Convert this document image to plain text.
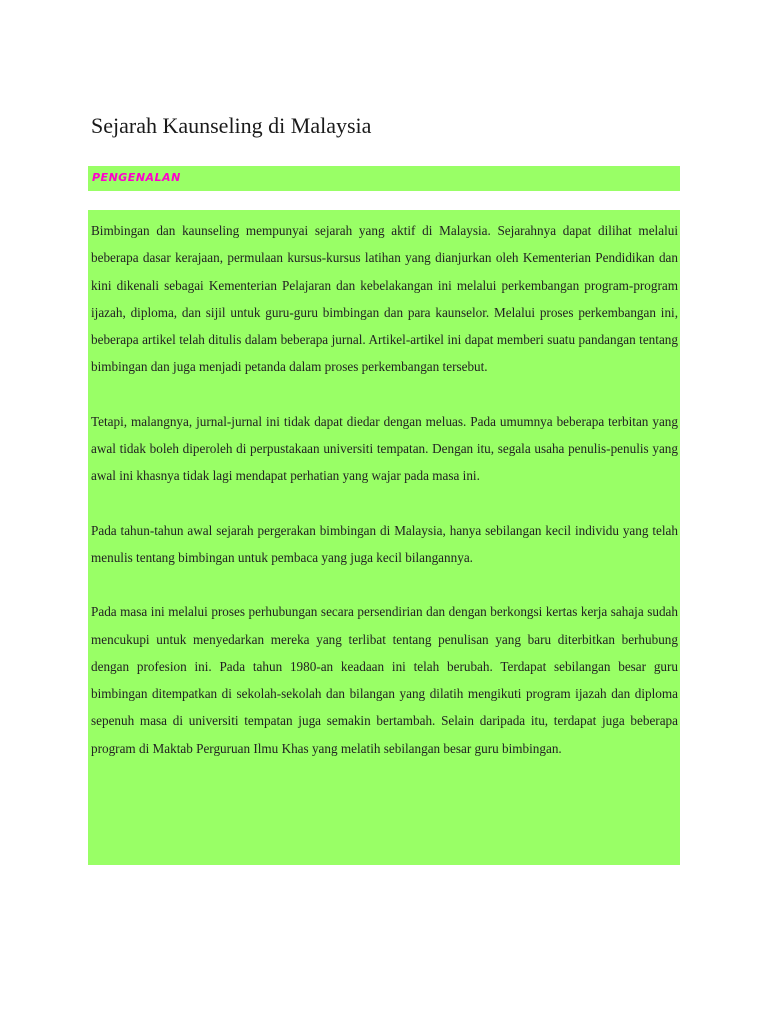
Sejarah Kaunseling di Malaysia
PENGENALAN

Bimbingan dan kaunseling mempunyai sejarah yang aktif di Malaysia. Sejarahnya dapat dilihat melalui beberapa dasar kerajaan, permulaan kursus-kursus latihan yang dianjurkan oleh Kementerian Pendidikan dan kini dikenali sebagai Kementerian Pelajaran dan kebelakangan ini melalui perkembangan program-program ijazah, diploma, dan sijil untuk guru-guru bimbingan dan para kaunselor. Melalui proses perkembangan ini, beberapa artikel telah ditulis dalam beberapa jurnal. Artikel-artikel ini dapat memberi suatu pandangan tentang bimbingan dan juga menjadi petanda dalam proses perkembangan tersebut.

Tetapi, malangnya, jurnal-jurnal ini tidak dapat diedar dengan meluas. Pada umumnya beberapa terbitan yang awal tidak boleh diperoleh di perpustakaan universiti tempatan. Dengan itu, segala usaha penulis-penulis yang awal ini khasnya tidak lagi mendapat perhatian yang wajar pada masa ini.

Pada tahun-tahun awal sejarah pergerakan bimbingan di Malaysia, hanya sebilangan kecil individu yang telah menulis tentang bimbingan untuk pembaca yang juga kecil bilangannya.

Pada masa ini melalui proses perhubungan secara persendirian dan dengan berkongsi kertas kerja sahaja sudah mencukupi untuk menyedarkan mereka yang terlibat tentang penulisan yang baru diterbitkan berhubung dengan profesion ini. Pada tahun 1980-an keadaan ini telah berubah. Terdapat sebilangan besar guru bimbingan ditempatkan di sekolah-sekolah dan bilangan yang dilatih mengikuti program ijazah dan diploma sepenuh masa di universiti tempatan juga semakin bertambah. Selain daripada itu, terdapat juga beberapa program di Maktab Perguruan Ilmu Khas yang melatih sebilangan besar guru bimbingan.
